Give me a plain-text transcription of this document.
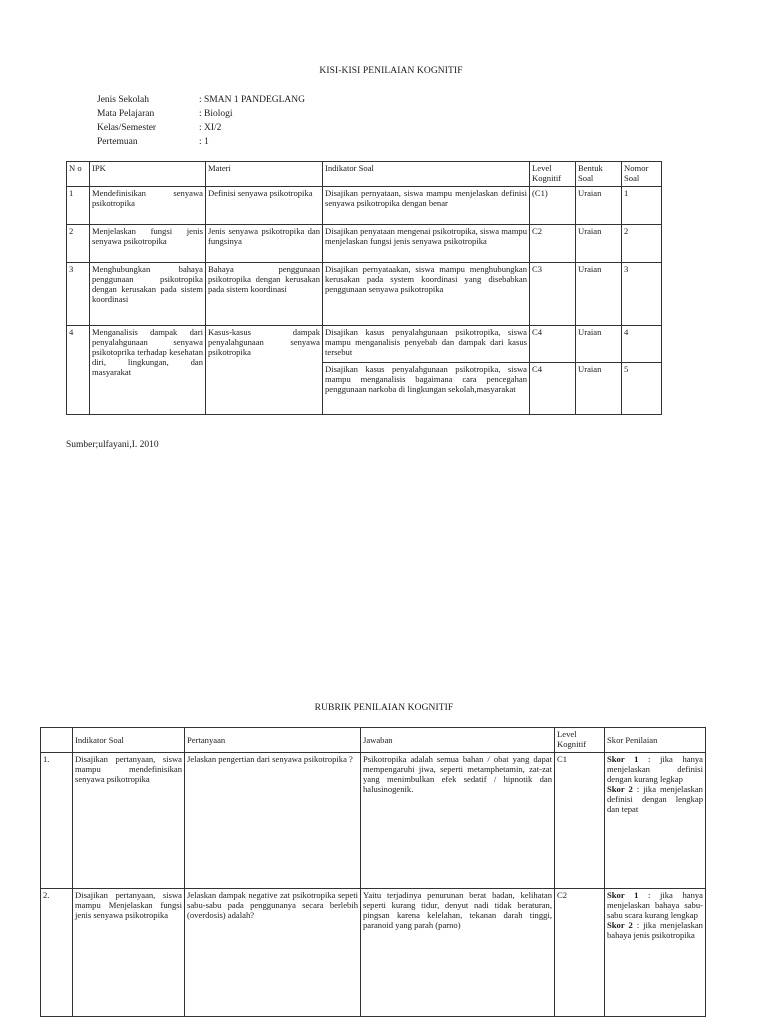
KISI-KISI PENILAIAN KOGNITIF
Jenis Sekolah	: SMAN 1 PANDEGLANG
Mata Pelajaran	: Biologi
Kelas/Semester	: XI/2
Pertemuan	: 1
N o	IPK	Materi	Indikator Soal	Level Kognitif	Bentuk Soal	Nomor Soal
1	Mendefinisikan senyawa psikotropika	Definisi senyawa psikotropika	Disajikan pernyataan, siswa mampu menjelaskan definisi senyawa psikotropika dengan benar	(C1)	Uraian	1
2	Menjelaskan fungsi jenis senyawa psikotropika	Jenis senyawa psikotropika dan fungsinya	Disajikan penyataan mengenai psikotropika, siswa mampu menjelaskan fungsi jenis senyawa psikotropika	C2	Uraian	2
3	Menghubungkan bahaya penggunaan psikotropika dengan kerusakan pada sistem koordinasi	Bahaya penggunaan psikotropika dengan kerusakan pada sistem koordinasi	Disajikan pernyataakan, siswa mampu menghubungkan kerusakan pada system koordinasi yang disebabkan penggunaan senyawa psikotropika	C3	Uraian	3
4	Menganalisis dampak dari penyalahgunaan senyawa psikotoprika terhadap kesehatan diri, lingkungan, dan masyarakat	Kasus-kasus dampak penyalahgunaan senyawa psikotropika	Disajikan kasus penyalahgunaan psikotropika, siswa mampu menganalisis penyebab dan dampak dari kasus tersebut	C4	Uraian	4
			Disajikan kasus penyalahgunaan psikotropika, siswa mampu menganalisis bagaimana cara pencegahan penggunaan narkoba di lingkungan sekolah,masyarakat	C4	Uraian	5
Sumber;ulfayani,I. 2010
RUBRIK PENILAIAN KOGNITIF
	Indikator Soal	Pertanyaan	Jawaban	Level Kognitif	Skor Penilaian
1.	Disajikan pertanyaan, siswa mampu mendefinisikan senyawa psikotropika	Jelaskan pengertian dari senyawa psikotropika ?	Psikotropika adalah semua bahan / obat yang dapat mempengaruhi jiwa, seperti metamphetamin, zat-zat yang menimbulkan efek sedatif / hipnotik dan halusinogenik.	C1	Skor 1 : jika hanya menjelaskan definisi dengan kurang legkap
Skor 2 : jika menjelaskan definisi dengan lengkap dan tepat

2.	Disajikan pertanyaan, siswa mampu Menjelaskan fungsi jenis senyawa psikotropika	Jelaskan dampak negative zat psikotropika sepeti sabu-sabu pada penggunanya secara berlebih (overdosis) adalah?	Yaitu terjadinya penurunan berat badan, kelihatan seperti kurang tidur, denyut nadi tidak beraturan, pingsan karena kelelahan, tekanan darah tinggi, paranoid yang parah (parno)	C2	Skor 1 : jika hanya menjelaskan bahaya sabu-sabu scara kurang lengkap
Skor 2 : jika menjelaskan bahaya jenis psikotropika
